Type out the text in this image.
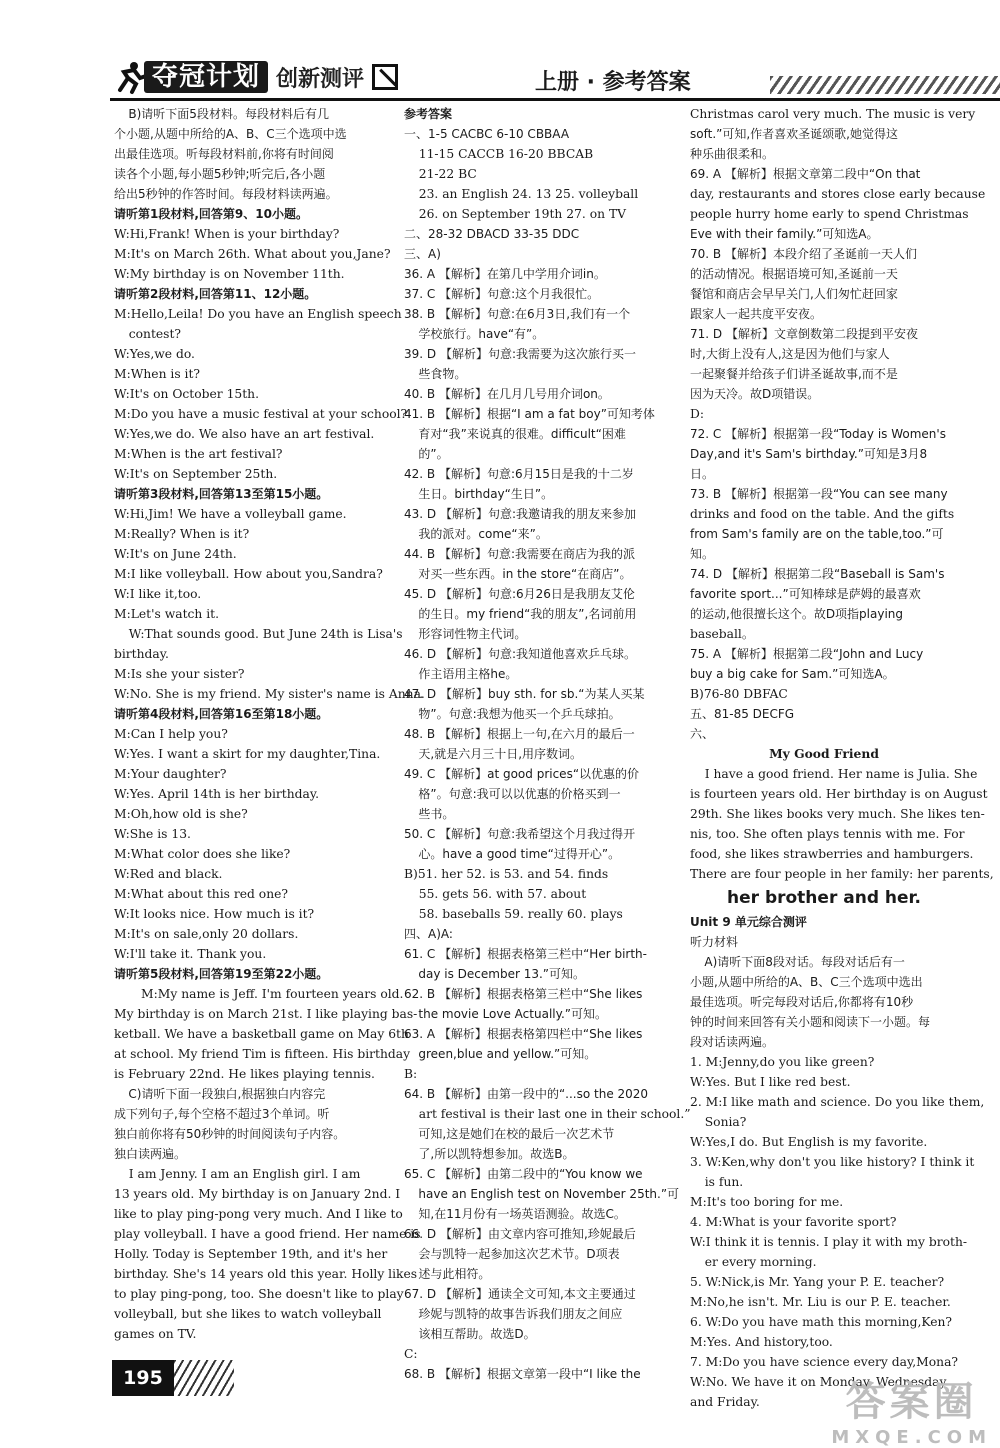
夺冠计划 创新测评	上册 · 参考答案
B)请听下面5段材料。每段材料后有几
个小题,从题中所给的A、B、C三个选项中选
出最佳选项。听每段材料前,你将有时间阅
读各个小题,每小题5秒钟;听完后,各小题
给出5秒钟的作答时间。每段材料读两遍。
请听第1段材料,回答第9、10小题。
W:Hi,Frank! When is your birthday?
M:It's on March 26th. What about you,Jane?
W:My birthday is on November 11th.
请听第2段材料,回答第11、12小题。
M:Hello,Leila! Do you have an English speech
contest?
W:Yes,we do.
M:When is it?
W:It's on October 15th.
M:Do you have a music festival at your school?
W:Yes,we do. We also have an art festival.
M:When is the art festival?
W:It's on September 25th.
请听第3段材料,回答第13至第15小题。
W:Hi,Jim! We have a volleyball game.
M:Really? When is it?
W:It's on June 24th.
M:I like volleyball. How about you,Sandra?
W:I like it,too.
M:Let's watch it.
W:That sounds good. But June 24th is Lisa's
birthday.
M:Is she your sister?
W:No. She is my friend. My sister's name is Anna.
请听第4段材料,回答第16至第18小题。
M:Can I help you?
W:Yes. I want a skirt for my daughter,Tina.
M:Your daughter?
W:Yes. April 14th is her birthday.
M:Oh,how old is she?
W:She is 13.
M:What color does she like?
W:Red and black.
M:What about this red one?
W:It looks nice. How much is it?
M:It's on sale,only 20 dollars.
W:I'll take it. Thank you.
请听第5段材料,回答第19至第22小题。
M:My name is Jeff. I'm fourteen years old.
My birthday is on March 21st. I like playing bas-
ketball. We have a basketball game on May 6th
at school. My friend Tim is fifteen. His birthday
is February 22nd. He likes playing tennis.
C)请听下面一段独白,根据独白内容完
成下列句子,每个空格不超过3个单词。听
独白前你将有50秒钟的时间阅读句子内容。
独白读两遍。
I am Jenny. I am an English girl. I am
13 years old. My birthday is on January 2nd. I
like to play ping-pong very much. And I like to
play volleyball. I have a good friend. Her name is
Holly. Today is September 19th, and it's her
birthday. She's 14 years old this year. Holly likes
to play ping-pong, too. She doesn't like to play
volleyball, but she likes to watch volleyball
games on TV.
参考答案
一、1-5 CACBC 6-10 CBBAA
11-15 CACCB 16-20 BBCAB
21-22 BC
23. an English 24. 13 25. volleyball
26. on September 19th 27. on TV
二、28-32 DBACD 33-35 DDC
三、A)
36. A 【解析】在第几中学用介词in。
37. C 【解析】句意:这个月我很忙。
38. B 【解析】句意:在6月3日,我们有一个
学校旅行。have“有”。
39. D 【解析】句意:我需要为这次旅行买一
些食物。
40. B 【解析】在几月几号用介词on。
41. B 【解析】根据“I am a fat boy”可知考体
育对“我”来说真的很难。difficult“困难
的”。
42. B 【解析】句意:6月15日是我的十二岁
生日。birthday“生日”。
43. D 【解析】句意:我邀请我的朋友来参加
我的派对。come“来”。
44. B 【解析】句意:我需要在商店为我的派
对买一些东西。in the store“在商店”。
45. D 【解析】句意:6月26日是我朋友艾伦
的生日。my friend“我的朋友”,名词前用
形容词性物主代词。
46. D 【解析】句意:我知道他喜欢乒乓球。
作主语用主格he。
47. D 【解析】buy sth. for sb.“为某人买某
物”。句意:我想为他买一个乒乓球拍。
48. B 【解析】根据上一句,在六月的最后一
天,就是六月三十日,用序数词。
49. C 【解析】at good prices“以优惠的价
格”。句意:我可以以优惠的价格买到一
些书。
50. C 【解析】句意:我希望这个月我过得开
心。have a good time“过得开心”。
B)51. her 52. is 53. and 54. finds
55. gets 56. with 57. about
58. baseballs 59. really 60. plays
四、A)A:
61. C 【解析】根据表格第三栏中“Her birth-
day is December 13.”可知。
62. B 【解析】根据表格第三栏中“She likes
the movie Love Actually.”可知。
63. A 【解析】根据表格第四栏中“She likes
green,blue and yellow.”可知。
B:
64. B 【解析】由第一段中的“...so the 2020
art festival is their last one in their school.”
可知,这是她们在校的最后一次艺术节
了,所以凯特想参加。故选B。
65. C 【解析】由第二段中的“You know we
have an English test on November 25th.”可
知,在11月份有一场英语测验。故选C。
66. D 【解析】由文章内容可推知,珍妮最后
会与凯特一起参加这次艺术节。D项表
述与此相符。
67. D 【解析】通读全文可知,本文主要通过
珍妮与凯特的故事告诉我们朋友之间应
该相互帮助。故选D。
C:
68. B 【解析】根据文章第一段中“I like the
Christmas carol very much. The music is very
soft.”可知,作者喜欢圣诞颂歌,她觉得这
种乐曲很柔和。
69. A 【解析】根据文章第二段中“On that
day, restaurants and stores close early because
people hurry home early to spend Christmas
Eve with their family.”可知选A。
70. B 【解析】本段介绍了圣诞前一天人们
的活动情况。根据语境可知,圣诞前一天
餐馆和商店会早早关门,人们匆忙赶回家
跟家人一起共度平安夜。
71. D 【解析】文章倒数第二段提到平安夜
时,大街上没有人,这是因为他们与家人
一起聚餐并给孩子们讲圣诞故事,而不是
因为天冷。故D项错误。
D:
72. C 【解析】根据第一段“Today is Women's
Day,and it's Sam's birthday.”可知是3月8
日。
73. B 【解析】根据第一段“You can see many
drinks and food on the table. And the gifts
from Sam's family are on the table,too.”可
知。
74. D 【解析】根据第二段“Baseball is Sam's
favorite sport...”可知棒球是萨姆的最喜欢
的运动,他很擅长这个。故D项指playing
baseball。
75. A 【解析】根据第二段“John and Lucy
buy a big cake for Sam.”可知选A。
B)76-80 DBFAC
五、81-85 DECFG
六、
My Good Friend
I have a good friend. Her name is Julia. She
is fourteen years old. Her birthday is on August
29th. She likes books very much. She likes ten-
nis, too. She often plays tennis with me. For
food, she likes strawberries and hamburgers.
There are four people in her family: her parents,
her brother and her.
Unit 9 单元综合测评
听力材料
A)请听下面8段对话。每段对话后有一
小题,从题中所给的A、B、C三个选项中选出
最佳选项。听完每段对话后,你都将有10秒
钟的时间来回答有关小题和阅读下一小题。每
段对话读两遍。
1. M:Jenny,do you like green?
W:Yes. But I like red best.
2. M:I like math and science. Do you like them,
Sonia?
W:Yes,I do. But English is my favorite.
3. W:Ken,why don't you like history? I think it
is fun.
M:It's too boring for me.
4. M:What is your favorite sport?
W:I think it is tennis. I play it with my broth-
er every morning.
5. W:Nick,is Mr. Yang your P. E. teacher?
M:No,he isn't. Mr. Liu is our P. E. teacher.
6. W:Do you have math this morning,Ken?
M:Yes. And history,too.
7. M:Do you have science every day,Mona?
W:No. We have it on Monday, Wednesday
and Friday.
195
答案圈
MXQE.COM
